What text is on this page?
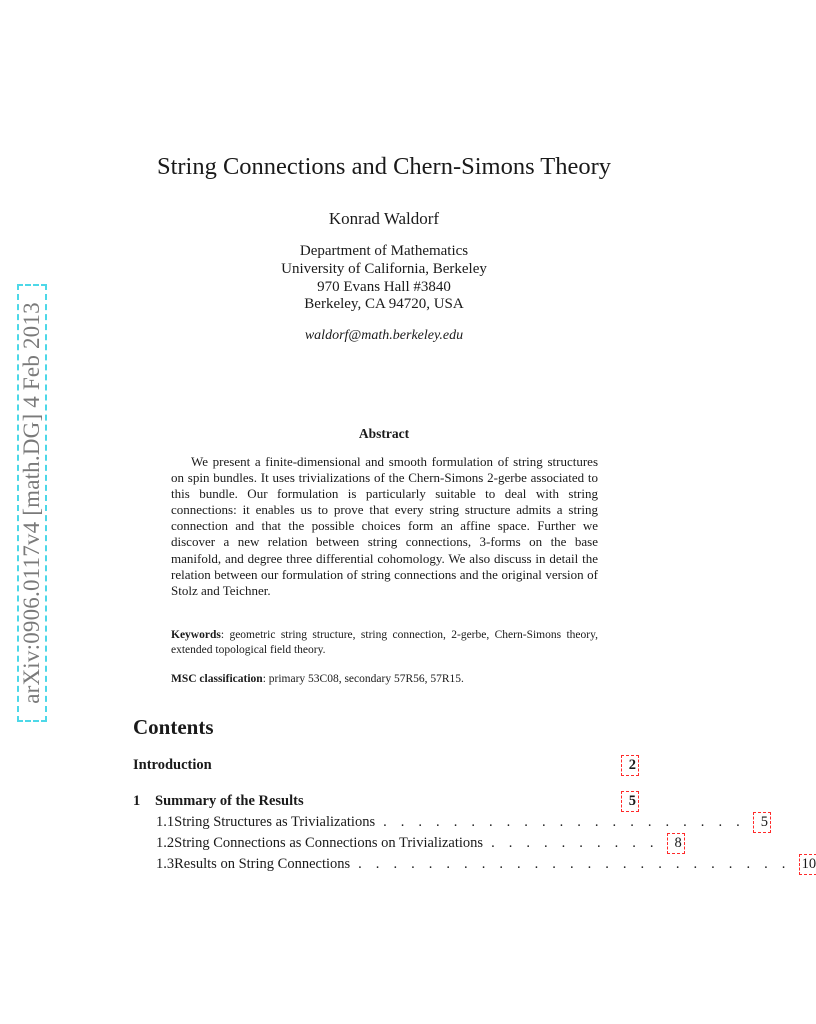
arXiv:0906.0117v4 [math.DG] 4 Feb 2013
String Connections and Chern-Simons Theory
Konrad Waldorf
Department of Mathematics
University of California, Berkeley
970 Evans Hall #3840
Berkeley, CA 94720, USA
waldorf@math.berkeley.edu
Abstract

We present a finite-dimensional and smooth formulation of string structures on spin bundles. It uses trivializations of the Chern-Simons 2-gerbe associated to this bundle. Our formulation is particularly suitable to deal with string connections: it enables us to prove that every string structure admits a string connection and that the possible choices form an affine space. Further we discover a new relation between string connections, 3-forms on the base manifold, and degree three differential cohomology. We also discuss in detail the relation between our formulation of string connections and the original version of Stolz and Teichner.

Keywords: geometric string structure, string connection, 2-gerbe, Chern-Simons theory, extended topological field theory.

MSC classification: primary 53C08, secondary 57R56, 57R15.

Contents
Introduction	2
1	Summary of the Results	5
1.1 String Structures as Trivializations . . . . . . . . . . . . . . . . . . . . .	5
1.2 String Connections as Connections on Trivializations . . . . . . . . . .	8
1.3 Results on String Connections . . . . . . . . . . . . . . . . . . . . . . . . . 10
